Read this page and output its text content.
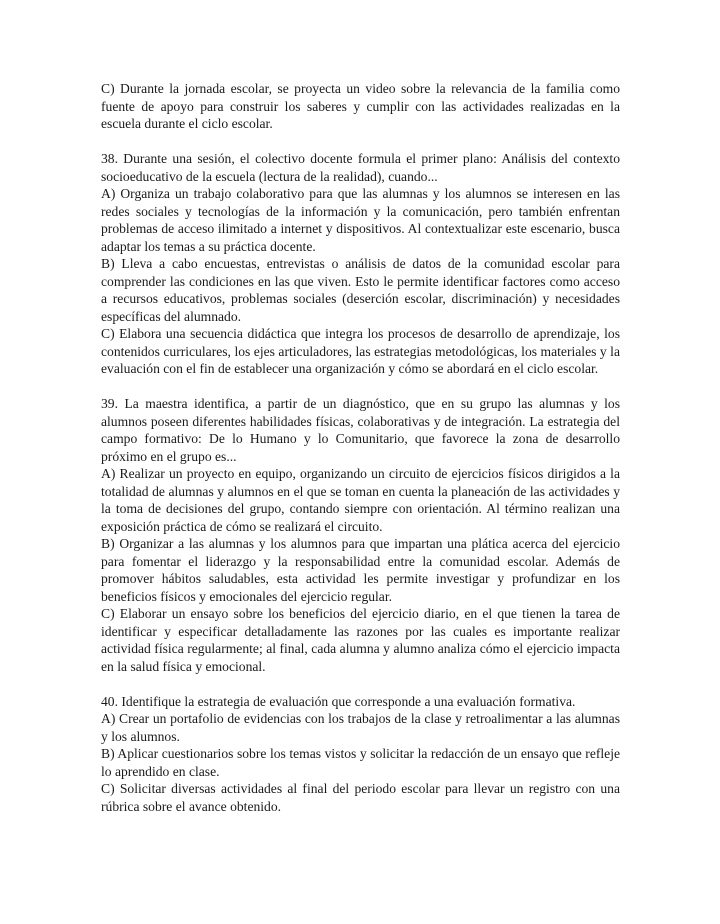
C) Durante la jornada escolar, se proyecta un video sobre la relevancia de la familia como fuente de apoyo para construir los saberes y cumplir con las actividades realizadas en la escuela durante el ciclo escolar.

38. Durante una sesión, el colectivo docente formula el primer plano: Análisis del contexto socioeducativo de la escuela (lectura de la realidad), cuando...

A) Organiza un trabajo colaborativo para que las alumnas y los alumnos se interesen en las redes sociales y tecnologías de la información y la comunicación, pero también enfrentan problemas de acceso ilimitado a internet y dispositivos. Al contextualizar este escenario, busca adaptar los temas a su práctica docente.

B) Lleva a cabo encuestas, entrevistas o análisis de datos de la comunidad escolar para comprender las condiciones en las que viven. Esto le permite identificar factores como acceso a recursos educativos, problemas sociales (deserción escolar, discriminación) y necesidades específicas del alumnado.

C) Elabora una secuencia didáctica que integra los procesos de desarrollo de aprendizaje, los contenidos curriculares, los ejes articuladores, las estrategias metodológicas, los materiales y la evaluación con el fin de establecer una organización y cómo se abordará en el ciclo escolar.

39. La maestra identifica, a partir de un diagnóstico, que en su grupo las alumnas y los alumnos poseen diferentes habilidades físicas, colaborativas y de integración. La estrategia del campo formativo: De lo Humano y lo Comunitario, que favorece la zona de desarrollo próximo en el grupo es...

A) Realizar un proyecto en equipo, organizando un circuito de ejercicios físicos dirigidos a la totalidad de alumnas y alumnos en el que se toman en cuenta la planeación de las actividades y la toma de decisiones del grupo, contando siempre con orientación. Al término realizan una exposición práctica de cómo se realizará el circuito.

B) Organizar a las alumnas y los alumnos para que impartan una plática acerca del ejercicio para fomentar el liderazgo y la responsabilidad entre la comunidad escolar. Además de promover hábitos saludables, esta actividad les permite investigar y profundizar en los beneficios físicos y emocionales del ejercicio regular.

C) Elaborar un ensayo sobre los beneficios del ejercicio diario, en el que tienen la tarea de identificar y especificar detalladamente las razones por las cuales es importante realizar actividad física regularmente; al final, cada alumna y alumno analiza cómo el ejercicio impacta en la salud física y emocional.

40. Identifique la estrategia de evaluación que corresponde a una evaluación formativa.

A) Crear un portafolio de evidencias con los trabajos de la clase y retroalimentar a las alumnas y los alumnos.

B) Aplicar cuestionarios sobre los temas vistos y solicitar la redacción de un ensayo que refleje lo aprendido en clase.

C) Solicitar diversas actividades al final del periodo escolar para llevar un registro con una rúbrica sobre el avance obtenido.
